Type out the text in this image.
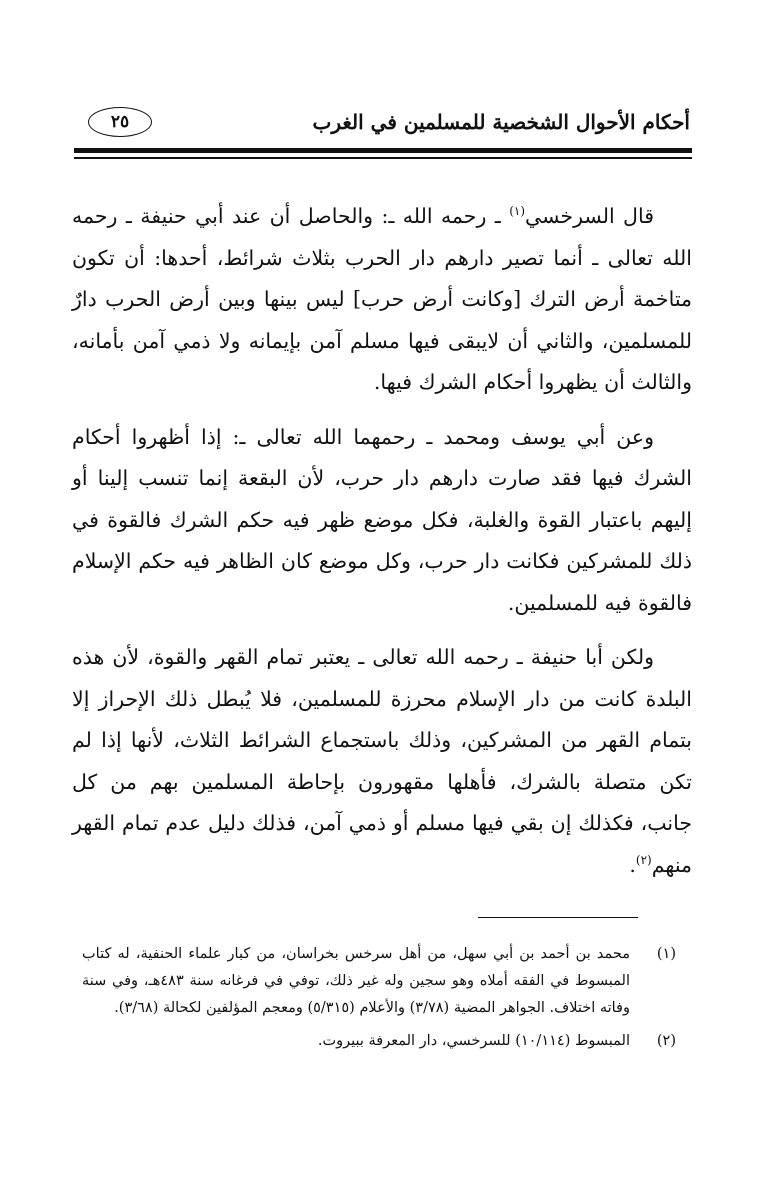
أحكام الأحوال الشخصية للمسلمين في الغرب
٢٥

قال السرخسي$^{(١)}$ ـ رحمه الله ـ: والحاصل أن عند أبي حنيفة ـ رحمه الله تعالى ـ أنما تصير دارهم دار الحرب بثلاث شرائط، أحدها: أن تكون متاخمة أرض الترك [وكانت أرض حرب] ليس بينها وبين أرض الحرب دارٌ للمسلمين، والثاني أن لايبقى فيها مسلم آمن بإيمانه ولا ذمي آمن بأمانه، والثالث أن يظهروا أحكام الشرك فيها.

وعن أبي يوسف ومحمد ـ رحمهما الله تعالى ـ: إذا أظهروا أحكام الشرك فيها فقد صارت دارهم دار حرب، لأن البقعة إنما تنسب إلينا أو إليهم باعتبار القوة والغلبة، فكل موضع ظهر فيه حكم الشرك فالقوة في ذلك للمشركين فكانت دار حرب، وكل موضع كان الظاهر فيه حكم الإسلام فالقوة فيه للمسلمين.

ولكن أبا حنيفة ـ رحمه الله تعالى ـ يعتبر تمام القهر والقوة، لأن هذه البلدة كانت من دار الإسلام محرزة للمسلمين، فلا يُبطل ذلك الإحراز إلا بتمام القهر من المشركين، وذلك باستجماع الشرائط الثلاث، لأنها إذا لم تكن متصلة بالشرك، فأهلها مقهورون بإحاطة المسلمين بهم من كل جانب، فكذلك إن بقي فيها مسلم أو ذمي آمن، فذلك دليل عدم تمام القهر منهم$^{(٢)}$.

(١)
محمد بن أحمد بن أبي سهل، من أهل سرخس بخراسان، من كبار علماء الحنفية، له كتاب المبسوط في الفقه أملاه وهو سجين وله غير ذلك، توفي في فرغانه سنة ٤٨٣هـ، وفي سنة وفاته اختلاف. الجواهر المضية (٣/٧٨) والأعلام (٥/٣١٥) ومعجم المؤلفين لكحالة (٣/٦٨).
(٢)
المبسوط (١٠/١١٤) للسرخسي، دار المعرفة ببيروت.
